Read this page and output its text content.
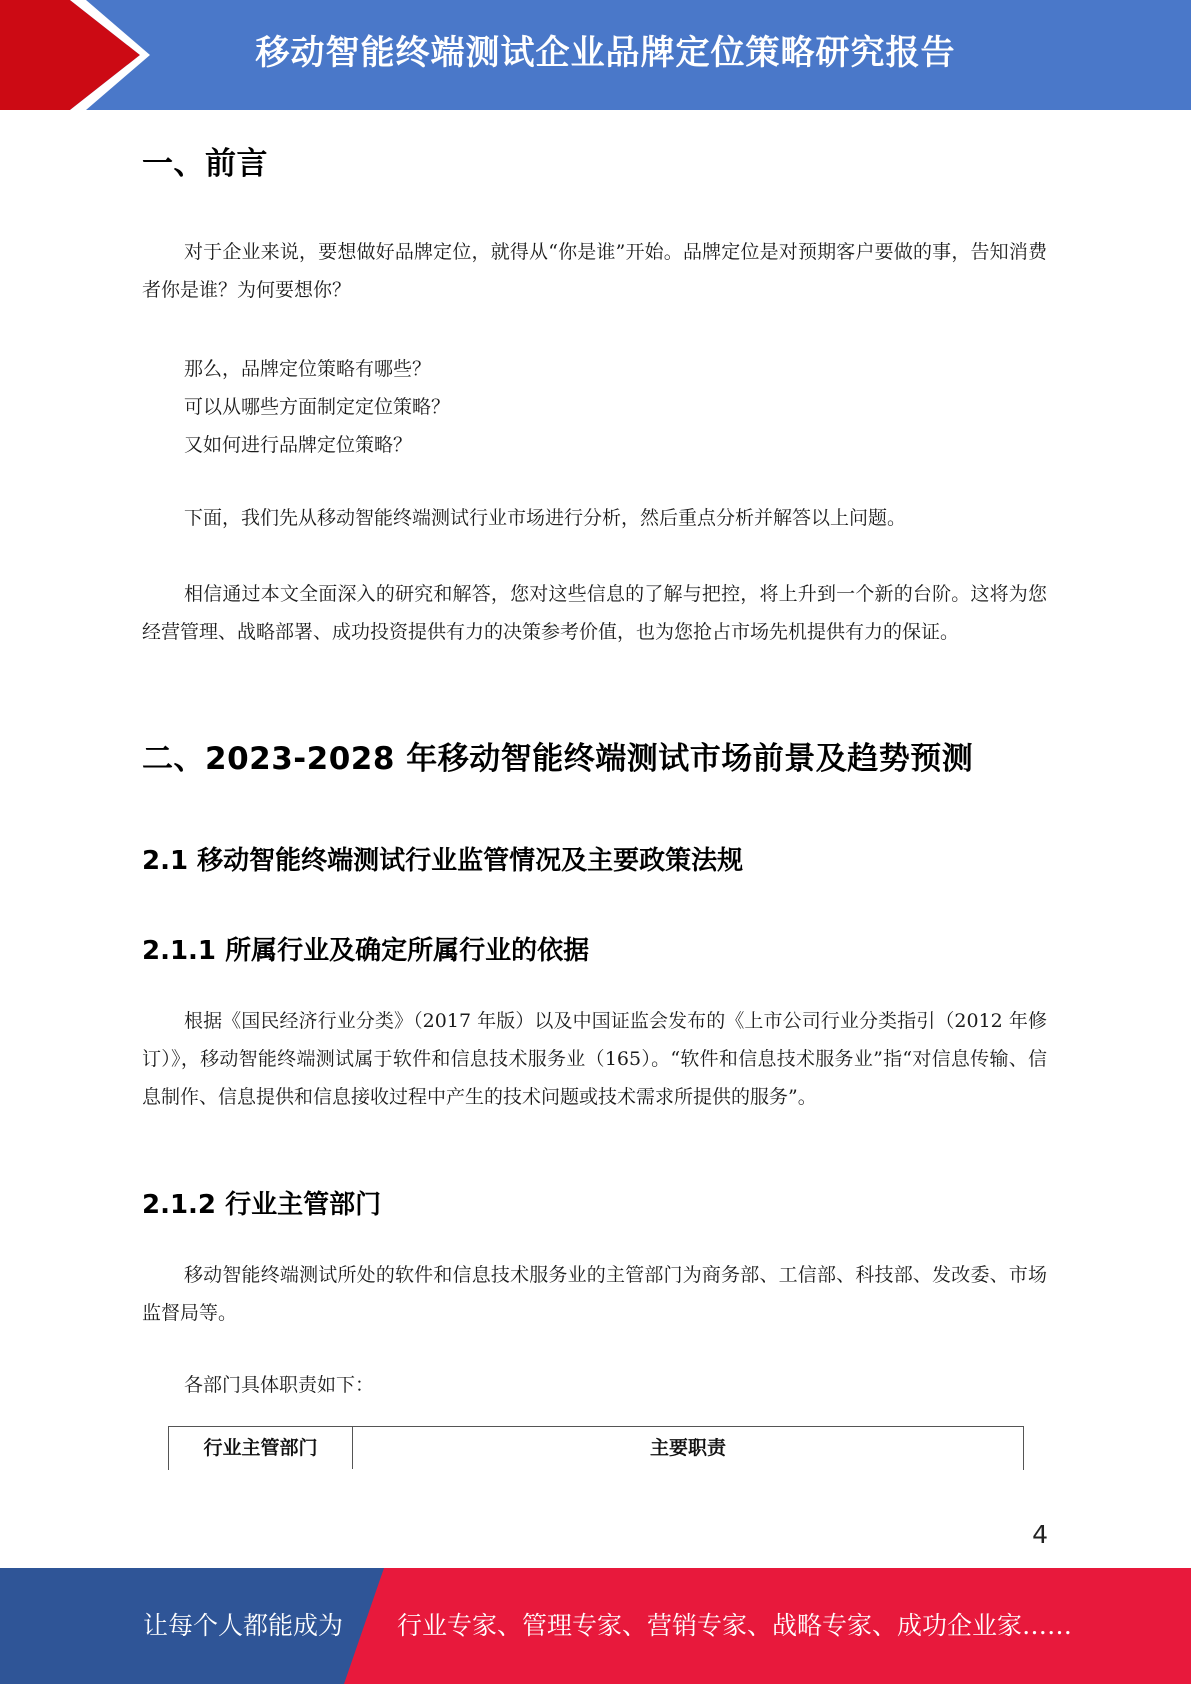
移动智能终端测试企业品牌定位策略研究报告
一、前言

对于企业来说，要想做好品牌定位，就得从“你是谁”开始。品牌定位是对预期客户要做的事，告知消费者你是谁？为何要想你？

那么，品牌定位策略有哪些？
可以从哪些方面制定定位策略？
又如何进行品牌定位策略？

下面，我们先从移动智能终端测试行业市场进行分析，然后重点分析并解答以上问题。

相信通过本文全面深入的研究和解答，您对这些信息的了解与把控，将上升到一个新的台阶。这将为您经营管理、战略部署、成功投资提供有力的决策参考价值，也为您抢占市场先机提供有力的保证。

二、2023-2028 年移动智能终端测试市场前景及趋势预测
2.1 移动智能终端测试行业监管情况及主要政策法规
2.1.1 所属行业及确定所属行业的依据

根据《国民经济行业分类》（2017 年版）以及中国证监会发布的《上市公司行业分类指引（2012 年修订）》，移动智能终端测试属于软件和信息技术服务业（165）。“软件和信息技术服务业”指“对信息传输、信息制作、信息提供和信息接收过程中产生的技术问题或技术需求所提供的服务”。

2.1.2 行业主管部门

移动智能终端测试所处的软件和信息技术服务业的主管部门为商务部、工信部、科技部、发改委、市场监督局等。

各部门具体职责如下：
行业主管部门	主要职责
4
让每个人都能成为 行业专家、管理专家、营销专家、战略专家、成功企业家……
